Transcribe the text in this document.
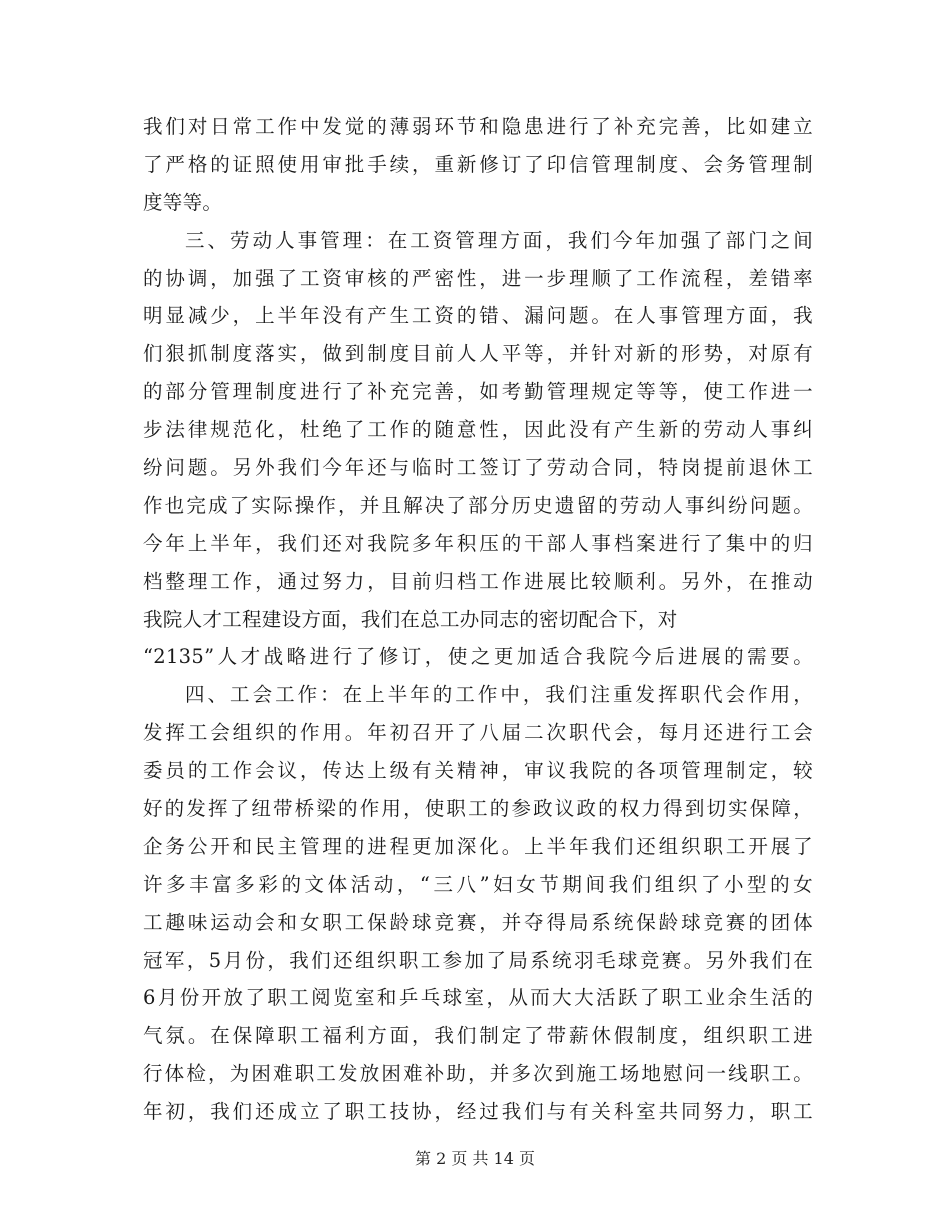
我们对日常工作中发觉的薄弱环节和隐患进行了补充完善，比如建立
了严格的证照使用审批手续，重新修订了印信管理制度、会务管理制
度等等。
三、劳动人事管理：在工资管理方面，我们今年加强了部门之间
的协调，加强了工资审核的严密性，进一步理顺了工作流程，差错率
明显减少，上半年没有产生工资的错、漏问题。在人事管理方面，我
们狠抓制度落实，做到制度目前人人平等，并针对新的形势，对原有
的部分管理制度进行了补充完善，如考勤管理规定等等，使工作进一
步法律规范化，杜绝了工作的随意性，因此没有产生新的劳动人事纠
纷问题。另外我们今年还与临时工签订了劳动合同，特岗提前退休工
作也完成了实际操作，并且解决了部分历史遗留的劳动人事纠纷问题。
今年上半年，我们还对我院多年积压的干部人事档案进行了集中的归
档整理工作，通过努力，目前归档工作进展比较顺利。另外，在推动
我院人才工程建设方面，我们在总工办同志的密切配合下，对
“2135”人才战略进行了修订，使之更加适合我院今后进展的需要。
四、工会工作：在上半年的工作中，我们注重发挥职代会作用，
发挥工会组织的作用。年初召开了八届二次职代会，每月还进行工会
委员的工作会议，传达上级有关精神，审议我院的各项管理制定，较
好的发挥了纽带桥梁的作用，使职工的参政议政的权力得到切实保障，
企务公开和民主管理的进程更加深化。上半年我们还组织职工开展了
许多丰富多彩的文体活动，“三八”妇女节期间我们组织了小型的女
工趣味运动会和女职工保龄球竞赛，并夺得局系统保龄球竞赛的团体
冠军，5月份，我们还组织职工参加了局系统羽毛球竞赛。另外我们在
6月份开放了职工阅览室和乒乓球室，从而大大活跃了职工业余生活的
气氛。在保障职工福利方面，我们制定了带薪休假制度，组织职工进
行体检，为困难职工发放困难补助，并多次到施工场地慰问一线职工。
年初，我们还成立了职工技协，经过我们与有关科室共同努力，职工
第 2 页 共 14 页
